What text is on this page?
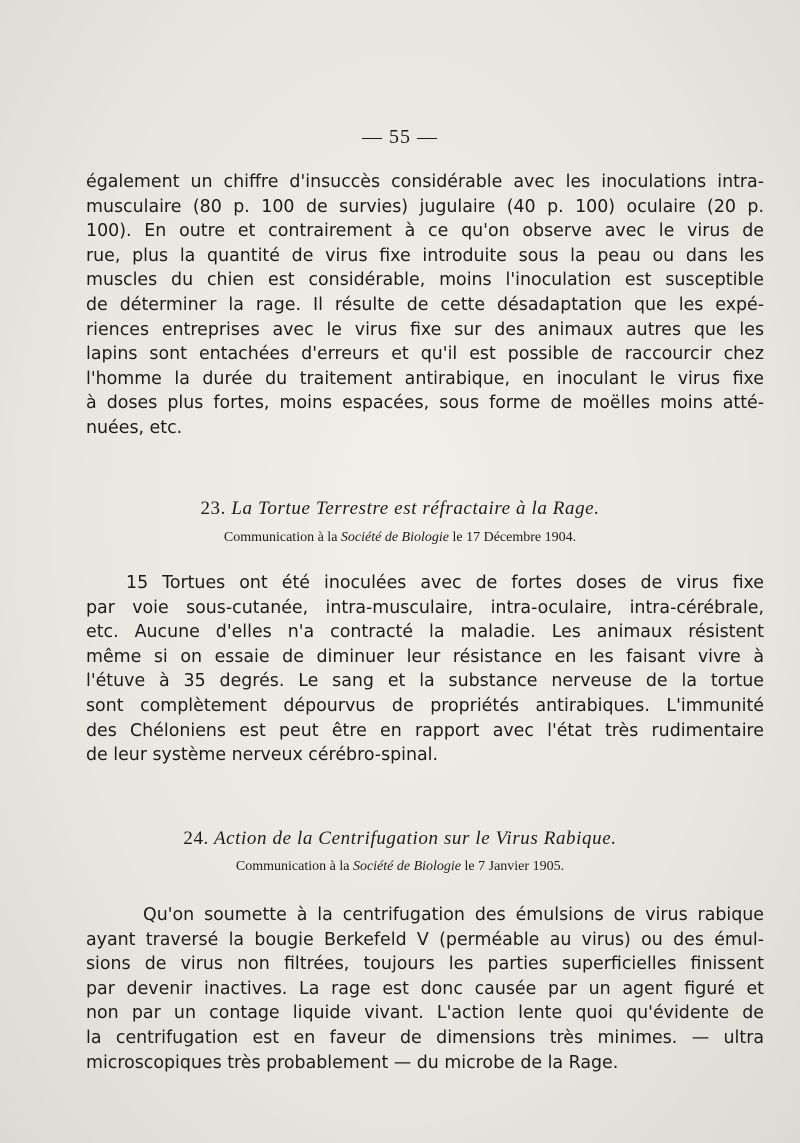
— 55 —
également un chiffre d'insuccès considérable avec les inoculations intra-
musculaire (80 p. 100 de survies) jugulaire (40 p. 100) oculaire (20 p.
100). En outre et contrairement à ce qu'on observe avec le virus de
rue, plus la quantité de virus fixe introduite sous la peau ou dans les
muscles du chien est considérable, moins l'inoculation est susceptible
de déterminer la rage. Il résulte de cette désadaptation que les expé-
riences entreprises avec le virus fixe sur des animaux autres que les
lapins sont entachées d'erreurs et qu'il est possible de raccourcir chez
l'homme la durée du traitement antirabique, en inoculant le virus fixe
à doses plus fortes, moins espacées, sous forme de moëlles moins atté-
nuées, etc.
23. La Tortue Terrestre est réfractaire à la Rage.
Communication à la Société de Biologie le 17 Décembre 1904.
15 Tortues ont été inoculées avec de fortes doses de virus fixe
par voie sous-cutanée, intra-musculaire, intra-oculaire, intra-cérébrale,
etc. Aucune d'elles n'a contracté la maladie. Les animaux résistent
même si on essaie de diminuer leur résistance en les faisant vivre à
l'étuve à 35 degrés. Le sang et la substance nerveuse de la tortue
sont complètement dépourvus de propriétés antirabiques. L'immunité
des Chéloniens est peut être en rapport avec l'état très rudimentaire
de leur système nerveux cérébro-spinal.
24. Action de la Centrifugation sur le Virus Rabique.
Communication à la Société de Biologie le 7 Janvier 1905.
Qu'on soumette à la centrifugation des émulsions de virus rabique
ayant traversé la bougie Berkefeld V (perméable au virus) ou des émul-
sions de virus non filtrées, toujours les parties superficielles finissent
par devenir inactives. La rage est donc causée par un agent figuré et
non par un contage liquide vivant. L'action lente quoi qu'évidente de
la centrifugation est en faveur de dimensions très minimes. — ultra
microscopiques très probablement — du microbe de la Rage.
